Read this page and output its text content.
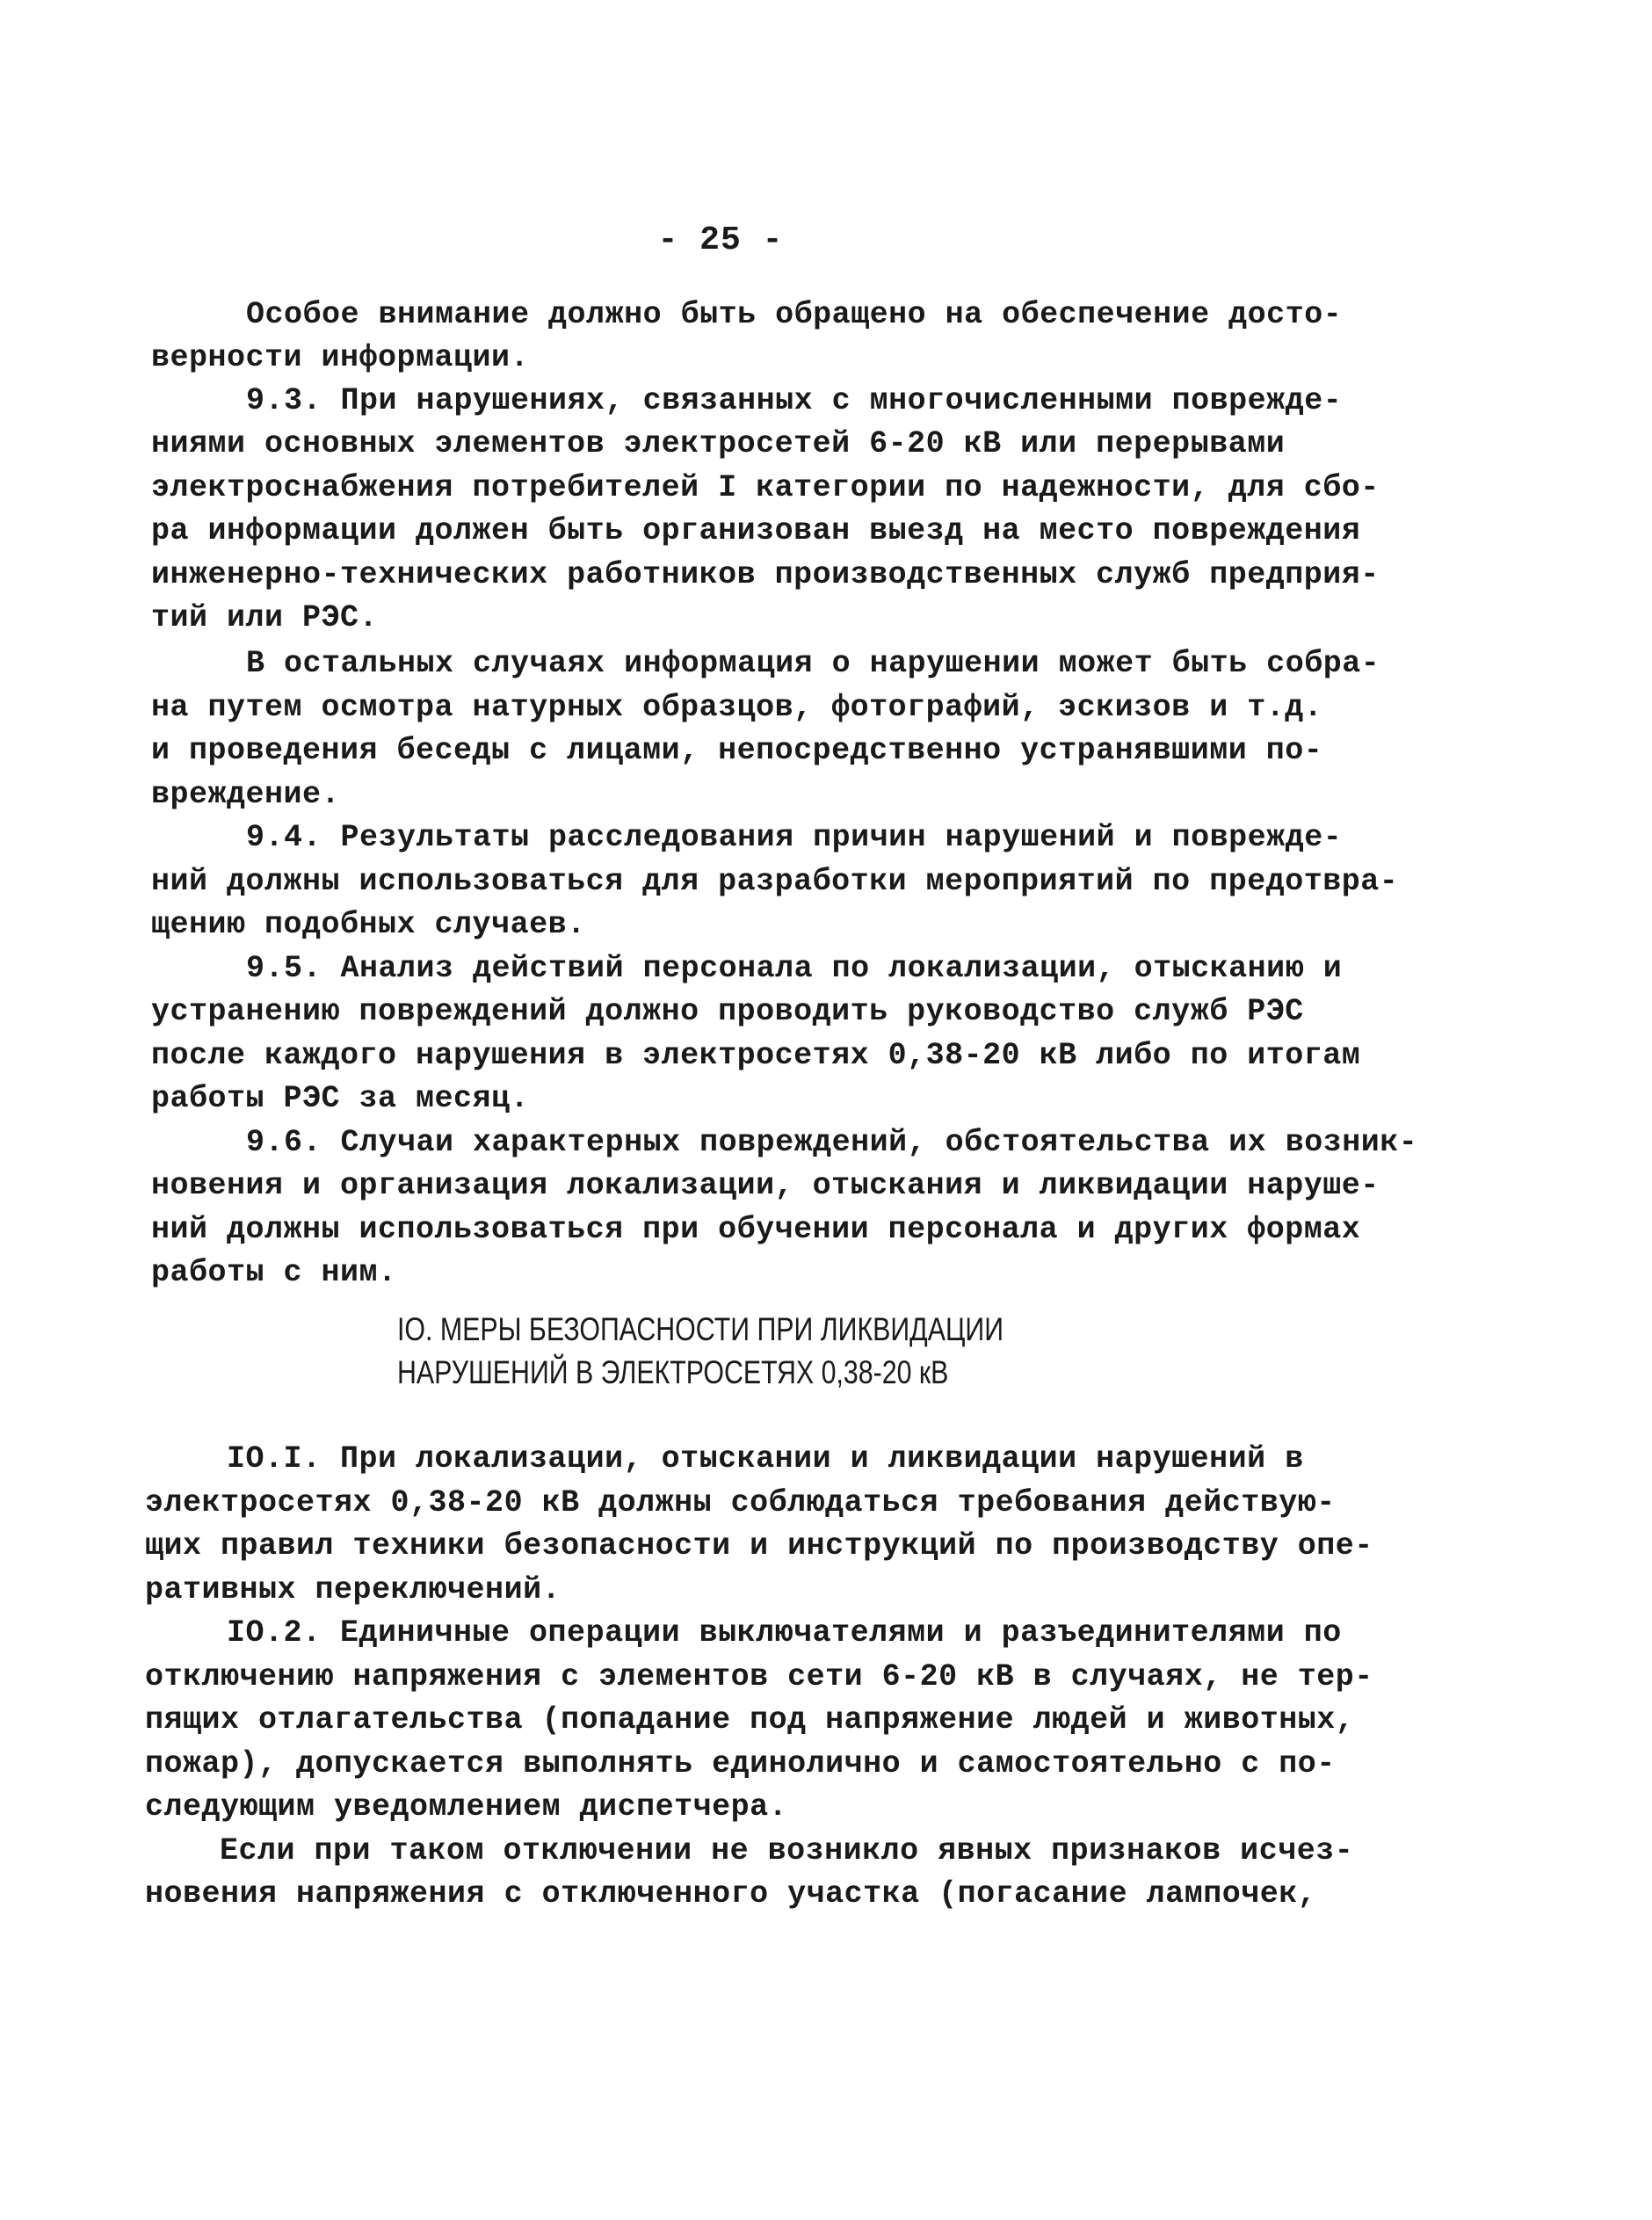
- 25 -
Особое внимание должно быть обращено на обеспечение досто-
верности информации.
9.3. При нарушениях, связанных с многочисленными поврежде-
ниями основных элементов электросетей 6-20 кВ или перерывами
электроснабжения потребителей I категории по надежности, для сбо-
ра информации должен быть организован выезд на место повреждения
инженерно-технических работников производственных служб предприя-
тий или РЭС.
В остальных случаях информация о нарушении может быть собра-
на путем осмотра натурных образцов, фотографий, эскизов и т.д.
и проведения беседы с лицами, непосредственно устранявшими по-
вреждение.
9.4. Результаты расследования причин нарушений и поврежде-
ний должны использоваться для разработки мероприятий по предотвра-
щению подобных случаев.
9.5. Анализ действий персонала по локализации, отысканию и
устранению повреждений должно проводить руководство служб РЭС
после каждого нарушения в электросетях 0,38-20 кВ либо по итогам
работы РЭС за месяц.
9.6. Случаи характерных повреждений, обстоятельства их возник-
новения и организация локализации, отыскания и ликвидации наруше-
ний должны использоваться при обучении персонала и других формах
работы с ним.
IO. МЕРЫ БЕЗОПАСНОСТИ ПРИ ЛИКВИДАЦИИ
НАРУШЕНИЙ В ЭЛЕКТРОСЕТЯХ 0,38-20 кВ
IO.I. При локализации, отыскании и ликвидации нарушений в
электросетях 0,38-20 кВ должны соблюдаться требования действую-
щих правил техники безопасности и инструкций по производству опе-
ративных переключений.
IO.2. Единичные операции выключателями и разъединителями по
отключению напряжения с элементов сети 6-20 кВ в случаях, не тер-
пящих отлагательства (попадание под напряжение людей и животных,
пожар), допускается выполнять единолично и самостоятельно с по-
следующим уведомлением диспетчера.
Если при таком отключении не возникло явных признаков исчез-
новения напряжения с отключенного участка (погасание лампочек,
